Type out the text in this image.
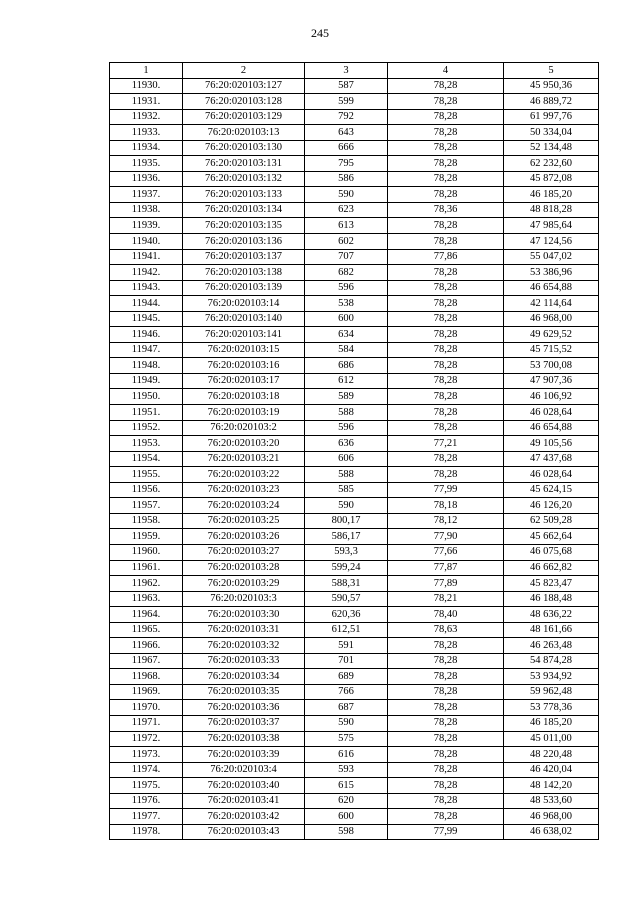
245
1	2	3	4	5
11930.	76:20:020103:127	587	78,28	45 950,36
11931.	76:20:020103:128	599	78,28	46 889,72
11932.	76:20:020103:129	792	78,28	61 997,76
11933.	76:20:020103:13	643	78,28	50 334,04
11934.	76:20:020103:130	666	78,28	52 134,48
11935.	76:20:020103:131	795	78,28	62 232,60
11936.	76:20:020103:132	586	78,28	45 872,08
11937.	76:20:020103:133	590	78,28	46 185,20
11938.	76:20:020103:134	623	78,36	48 818,28
11939.	76:20:020103:135	613	78,28	47 985,64
11940.	76:20:020103:136	602	78,28	47 124,56
11941.	76:20:020103:137	707	77,86	55 047,02
11942.	76:20:020103:138	682	78,28	53 386,96
11943.	76:20:020103:139	596	78,28	46 654,88
11944.	76:20:020103:14	538	78,28	42 114,64
11945.	76:20:020103:140	600	78,28	46 968,00
11946.	76:20:020103:141	634	78,28	49 629,52
11947.	76:20:020103:15	584	78,28	45 715,52
11948.	76:20:020103:16	686	78,28	53 700,08
11949.	76:20:020103:17	612	78,28	47 907,36
11950.	76:20:020103:18	589	78,28	46 106,92
11951.	76:20:020103:19	588	78,28	46 028,64
11952.	76:20:020103:2	596	78,28	46 654,88
11953.	76:20:020103:20	636	77,21	49 105,56
11954.	76:20:020103:21	606	78,28	47 437,68
11955.	76:20:020103:22	588	78,28	46 028,64
11956.	76:20:020103:23	585	77,99	45 624,15
11957.	76:20:020103:24	590	78,18	46 126,20
11958.	76:20:020103:25	800,17	78,12	62 509,28
11959.	76:20:020103:26	586,17	77,90	45 662,64
11960.	76:20:020103:27	593,3	77,66	46 075,68
11961.	76:20:020103:28	599,24	77,87	46 662,82
11962.	76:20:020103:29	588,31	77,89	45 823,47
11963.	76:20:020103:3	590,57	78,21	46 188,48
11964.	76:20:020103:30	620,36	78,40	48 636,22
11965.	76:20:020103:31	612,51	78,63	48 161,66
11966.	76:20:020103:32	591	78,28	46 263,48
11967.	76:20:020103:33	701	78,28	54 874,28
11968.	76:20:020103:34	689	78,28	53 934,92
11969.	76:20:020103:35	766	78,28	59 962,48
11970.	76:20:020103:36	687	78,28	53 778,36
11971.	76:20:020103:37	590	78,28	46 185,20
11972.	76:20:020103:38	575	78,28	45 011,00
11973.	76:20:020103:39	616	78,28	48 220,48
11974.	76:20:020103:4	593	78,28	46 420,04
11975.	76:20:020103:40	615	78,28	48 142,20
11976.	76:20:020103:41	620	78,28	48 533,60
11977.	76:20:020103:42	600	78,28	46 968,00
11978.	76:20:020103:43	598	77,99	46 638,02
